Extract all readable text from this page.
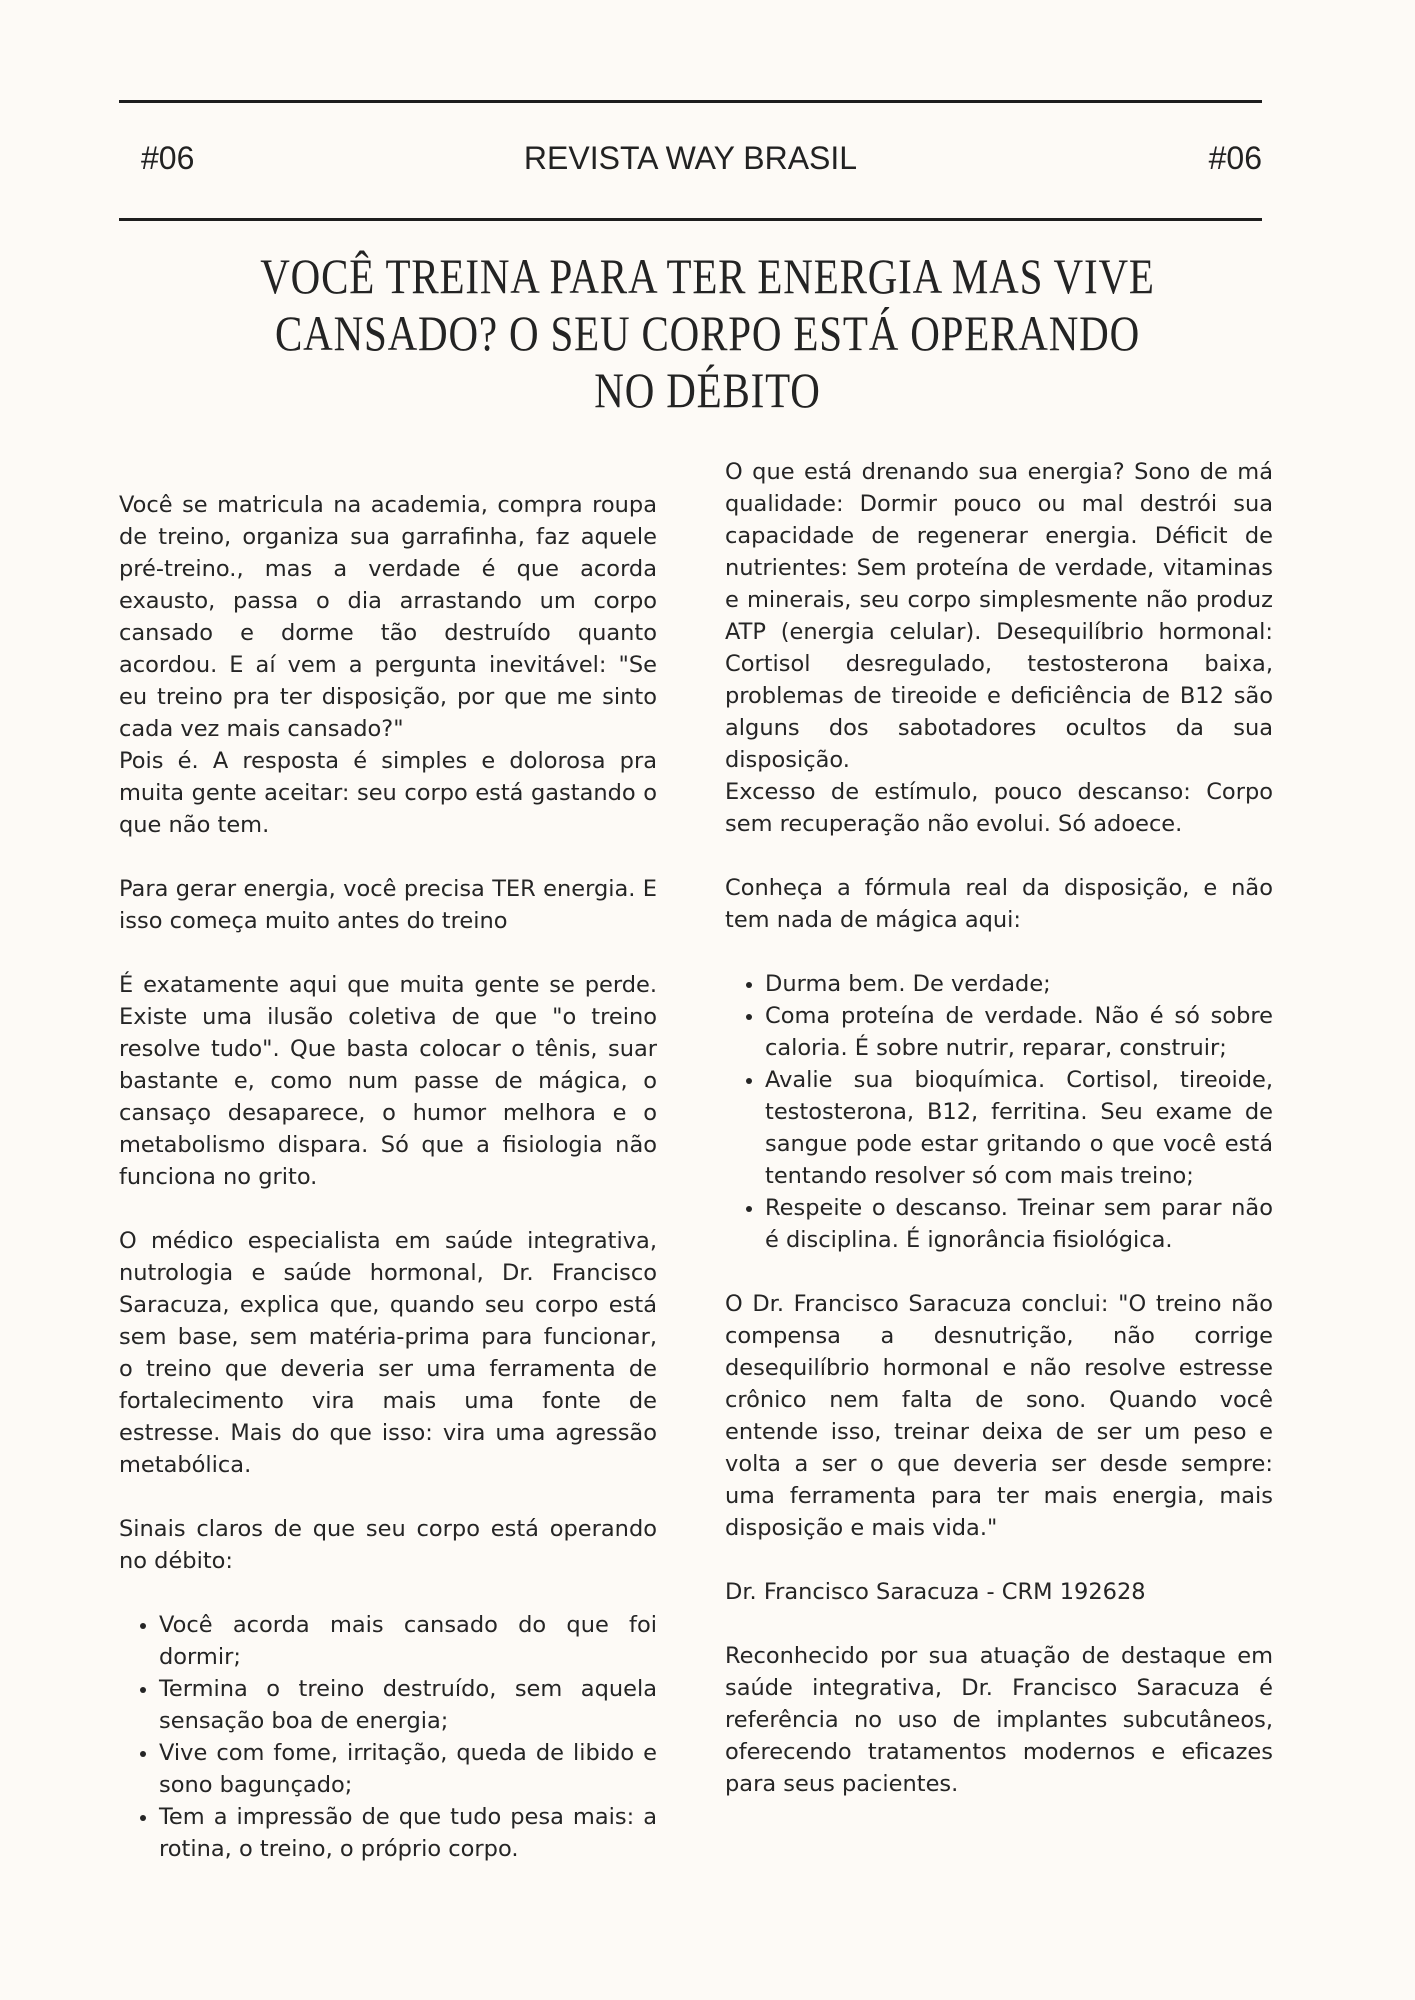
#06	REVISTA WAY BRASIL	#06
VOCÊ TREINA PARA TER ENERGIA MAS VIVE CANSADO? O SEU CORPO ESTÁ OPERANDO NO DÉBITO

Você se matricula na academia, compra roupa de treino, organiza sua garrafinha, faz aquele pré-treino., mas a verdade é que acorda exausto, passa o dia arrastando um corpo cansado e dorme tão destruído quanto acordou. E aí vem a pergunta inevitável: "Se eu treino pra ter disposição, por que me sinto cada vez mais cansado?"

Pois é. A resposta é simples e dolorosa pra muita gente aceitar: seu corpo está gastando o que não tem.

Para gerar energia, você precisa TER energia. E isso começa muito antes do treino

É exatamente aqui que muita gente se perde. Existe uma ilusão coletiva de que "o treino resolve tudo". Que basta colocar o tênis, suar bastante e, como num passe de mágica, o cansaço desaparece, o humor melhora e o metabolismo dispara. Só que a fisiologia não funciona no grito.

O médico especialista em saúde integrativa, nutrologia e saúde hormonal, Dr. Francisco Saracuza, explica que, quando seu corpo está sem base, sem matéria-prima para funcionar, o treino que deveria ser uma ferramenta de fortalecimento vira mais uma fonte de estresse. Mais do que isso: vira uma agressão metabólica.

Sinais claros de que seu corpo está operando no débito:

• Você acorda mais cansado do que foi dormir;
• Termina o treino destruído, sem aquela sensação boa de energia;
• Vive com fome, irritação, queda de libido e sono bagunçado;
• Tem a impressão de que tudo pesa mais: a rotina, o treino, o próprio corpo.

O que está drenando sua energia? Sono de má qualidade: Dormir pouco ou mal destrói sua capacidade de regenerar energia. Déficit de nutrientes: Sem proteína de verdade, vitaminas e minerais, seu corpo simplesmente não produz ATP (energia celular). Desequilíbrio hormonal: Cortisol desregulado, testosterona baixa, problemas de tireoide e deficiência de B12 são alguns dos sabotadores ocultos da sua disposição.

Excesso de estímulo, pouco descanso: Corpo sem recuperação não evolui. Só adoece.

Conheça a fórmula real da disposição, e não tem nada de mágica aqui:

• Durma bem. De verdade;
• Coma proteína de verdade. Não é só sobre caloria. É sobre nutrir, reparar, construir;
• Avalie sua bioquímica. Cortisol, tireoide, testosterona, B12, ferritina. Seu exame de sangue pode estar gritando o que você está tentando resolver só com mais treino;
• Respeite o descanso. Treinar sem parar não é disciplina. É ignorância fisiológica.

O Dr. Francisco Saracuza conclui: "O treino não compensa a desnutrição, não corrige desequilíbrio hormonal e não resolve estresse crônico nem falta de sono. Quando você entende isso, treinar deixa de ser um peso e volta a ser o que deveria ser desde sempre: uma ferramenta para ter mais energia, mais disposição e mais vida."

Dr. Francisco Saracuza - CRM 192628

Reconhecido por sua atuação de destaque em saúde integrativa, Dr. Francisco Saracuza é referência no uso de implantes subcutâneos, oferecendo tratamentos modernos e eficazes para seus pacientes.
